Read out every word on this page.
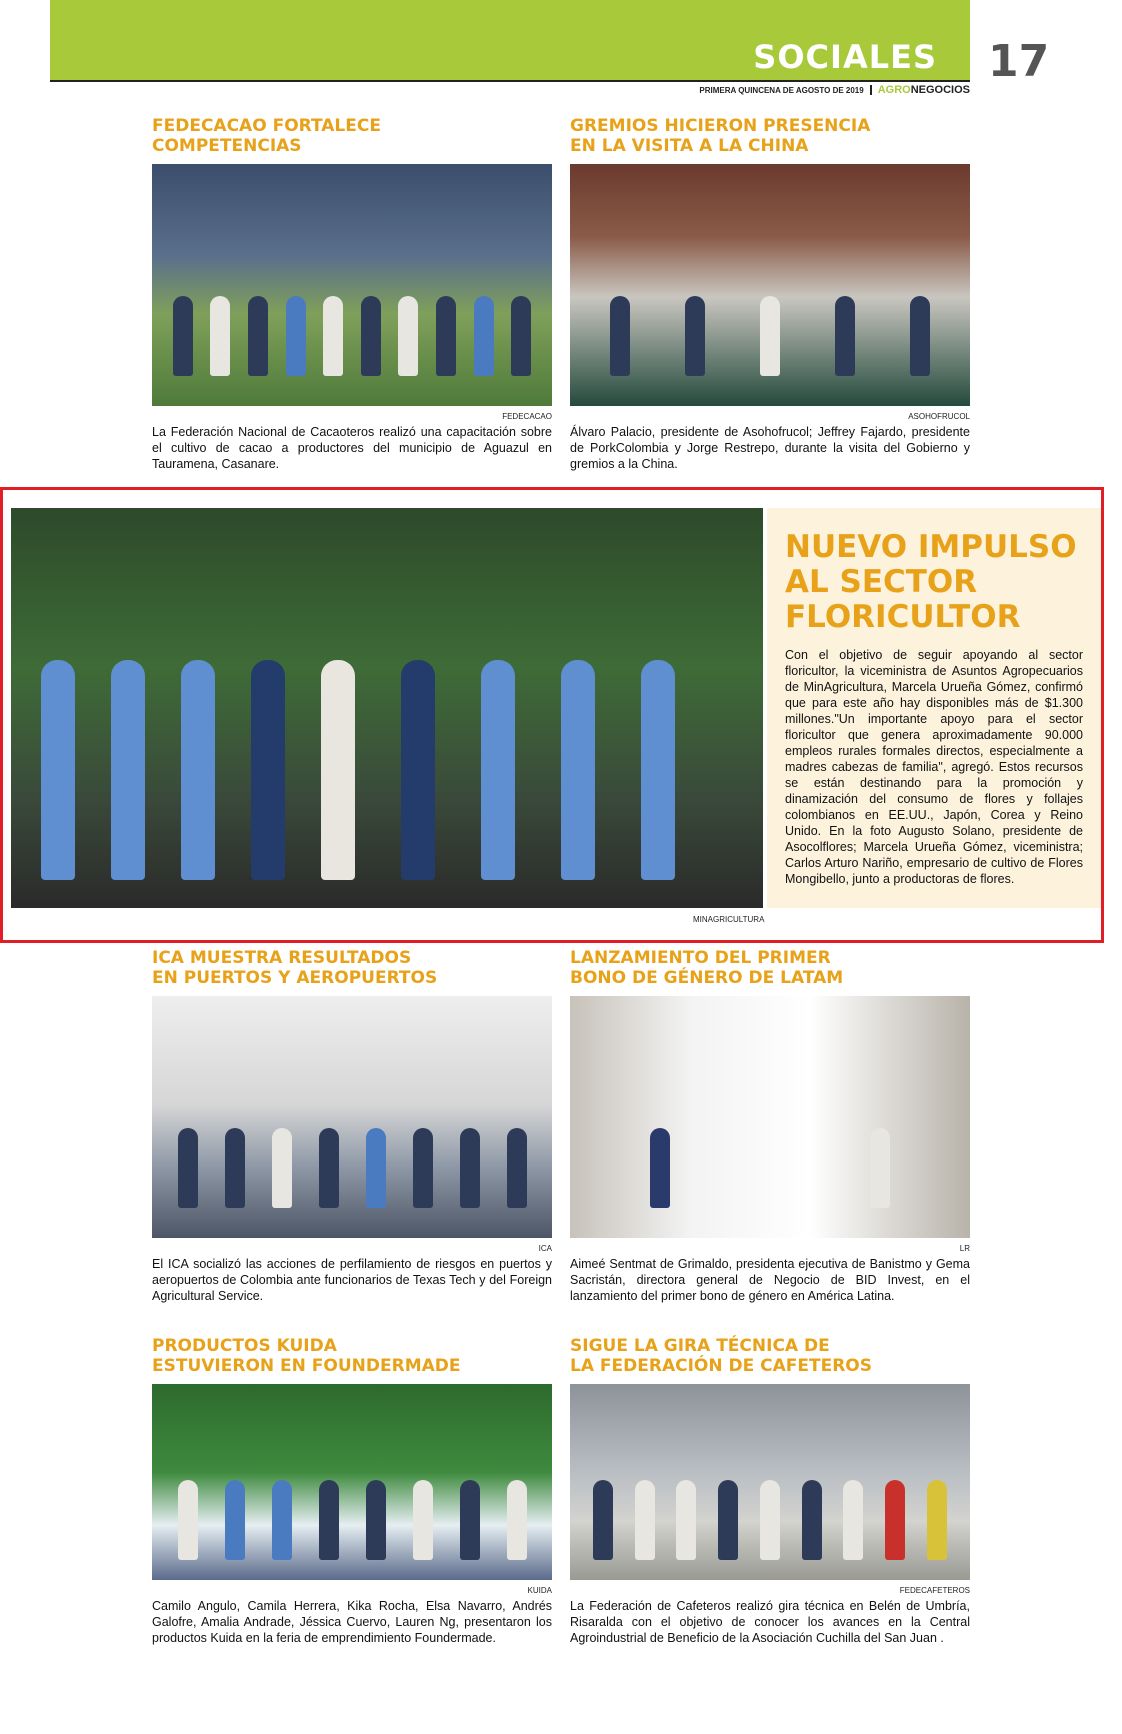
SOCIALES 17
PRIMERA QUINCENA DE AGOSTO DE 2019 AGRONEGOCIOS
FEDECACAO FORTALECE
COMPETENCIAS
FEDECACAO

La Federación Nacional de Cacaoteros realizó una capacitación sobre el cultivo de cacao a productores del municipio de Aguazul en Tauramena, Casanare.

GREMIOS HICIERON PRESENCIA
EN LA VISITA A LA CHINA
ASOHOFRUCOL

Álvaro Palacio, presidente de Asohofrucol; Jeffrey Fajardo, presidente de PorkColombia y Jorge Restrepo, durante la visita del Gobierno y gremios a la China.

MINAGRICULTURA
NUEVO IMPULSO
AL SECTOR
FLORICULTOR

Con el objetivo de seguir apoyando al sector floricultor, la viceministra de Asuntos Agropecuarios de MinAgricultura, Marcela Urueña Gómez, confirmó que para este año hay disponibles más de $1.300 millones."Un importante apoyo para el sector floricultor que genera aproximadamente 90.000 empleos rurales formales directos, especialmente a madres cabezas de familia", agregó. Estos recursos se están destinando para la promoción y dinamización del consumo de flores y follajes colombianos en EE.UU., Japón, Corea y Reino Unido. En la foto Augusto Solano, presidente de Asocolflores; Marcela Urueña Gómez, viceministra; Carlos Arturo Nariño, empresario de cultivo de Flores Mongibello, junto a productoras de flores.

ICA MUESTRA RESULTADOS
EN PUERTOS Y AEROPUERTOS
ICA

El ICA socializó las acciones de perfilamiento de riesgos en puertos y aeropuertos de Colombia ante funcionarios de Texas Tech y del Foreign Agricultural Service.

LANZAMIENTO DEL PRIMER
BONO DE GÉNERO DE LATAM
LR

Aimeé Sentmat de Grimaldo, presidenta ejecutiva de Banistmo y Gema Sacristán, directora general de Negocio de BID Invest, en el lanzamiento del primer bono de género en América Latina.

PRODUCTOS KUIDA
ESTUVIERON EN FOUNDERMADE
KUIDA

Camilo Angulo, Camila Herrera, Kika Rocha, Elsa Navarro, Andrés Galofre, Amalia Andrade, Jéssica Cuervo, Lauren Ng, presentaron los productos Kuida en la feria de emprendimiento Foundermade.

SIGUE LA GIRA TÉCNICA DE
LA FEDERACIÓN DE CAFETEROS
FEDECAFETEROS

La Federación de Cafeteros realizó gira técnica en Belén de Umbría, Risaralda con el objetivo de conocer los avances en la Central Agroindustrial de Beneficio de la Asociación Cuchilla del San Juan .
